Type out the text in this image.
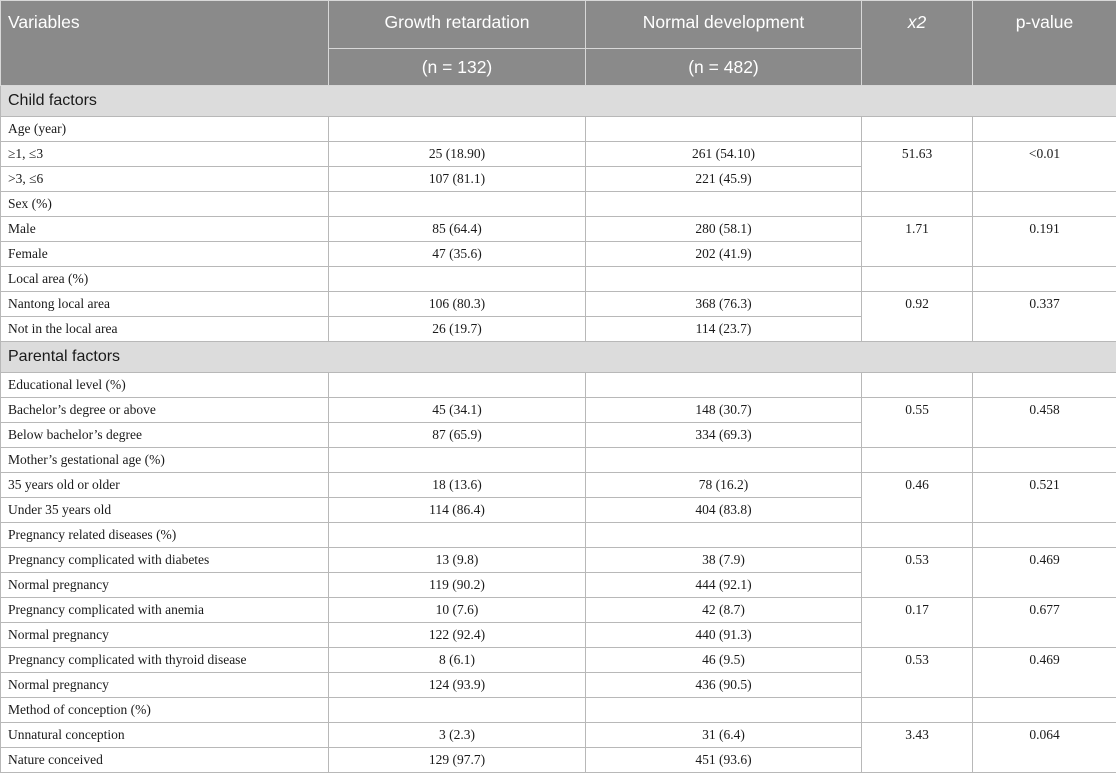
Variables	Growth retardation	Normal development	x2	p-value
	(n = 132)	(n = 482)		
Child factors				
Age (year)				
≥1, ≤3	25 (18.90)	261 (54.10)	51.63	<0.01
>3, ≤6	107 (81.1)	221 (45.9)		
Sex (%)				
Male	85 (64.4)	280 (58.1)	1.71	0.191
Female	47 (35.6)	202 (41.9)		
Local area (%)				
Nantong local area	106 (80.3)	368 (76.3)	0.92	0.337
Not in the local area	26 (19.7)	114 (23.7)		
Parental factors				
Educational level (%)				
Bachelor’s degree or above	45 (34.1)	148 (30.7)	0.55	0.458
Below bachelor’s degree	87 (65.9)	334 (69.3)		
Mother’s gestational age (%)				
35 years old or older	18 (13.6)	78 (16.2)	0.46	0.521
Under 35 years old	114 (86.4)	404 (83.8)		
Pregnancy related diseases (%)				
Pregnancy complicated with diabetes	13 (9.8)	38 (7.9)	0.53	0.469
Normal pregnancy	119 (90.2)	444 (92.1)		
Pregnancy complicated with anemia	10 (7.6)	42 (8.7)	0.17	0.677
Normal pregnancy	122 (92.4)	440 (91.3)		
Pregnancy complicated with thyroid disease	8 (6.1)	46 (9.5)	0.53	0.469
Normal pregnancy	124 (93.9)	436 (90.5)		
Method of conception (%)				
Unnatural conception	3 (2.3)	31 (6.4)	3.43	0.064
Nature conceived	129 (97.7)	451 (93.6)		
